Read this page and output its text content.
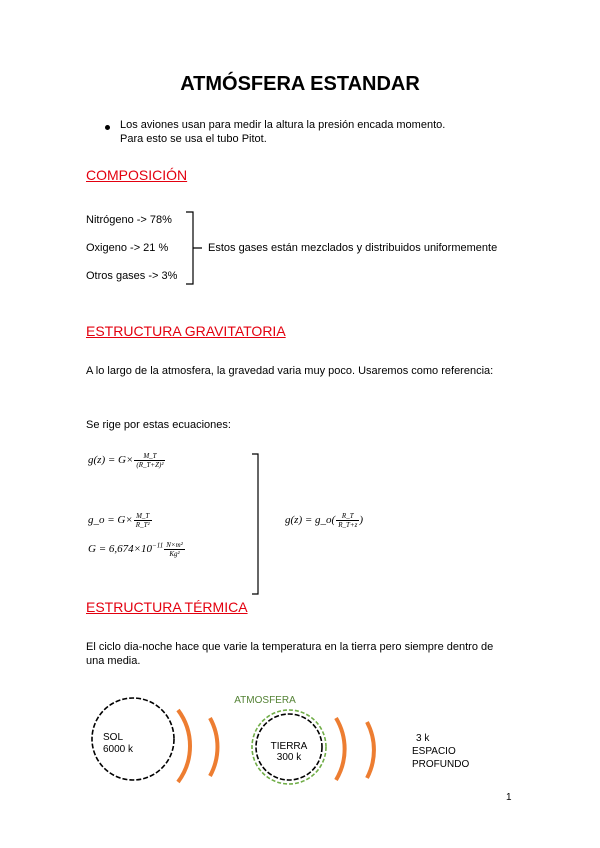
ATMÓSFERA ESTANDAR
Los aviones usan para medir la altura la presión encada momento.
Para esto se usa el tubo Pitot.
COMPOSICIÓN
Nitrógeno -> 78%
Oxigeno -> 21 %
Otros gases -> 3%
Estos gases están mezclados y distribuidos uniformemente
ESTRUCTURA GRAVITATORIA
A lo largo de la atmosfera, la gravedad varia muy poco. Usaremos como referencia:
Se rige por estas ecuaciones:
$g(z) = G\times \frac{M\_T}{\text{(R\_T+Z)²}}$
g_o = $G\times \frac{M\_T}{\text{R\_T²}}$
$G = 6,674\times 10^{-11} \frac{\text{N×m²}}{\text{Kg²}}$
g(z) = g_o( $\frac{R\_T}{R\_T+z}$ )
ESTRUCTURA TÉRMICA
El ciclo dia-noche hace que varie la temperatura en la tierra pero siempre dentro de
una media.
ATMOSFERA
SOL
6000 k	TIERRA
300 k
3 k
ESPACIO
PROFUNDO
1
